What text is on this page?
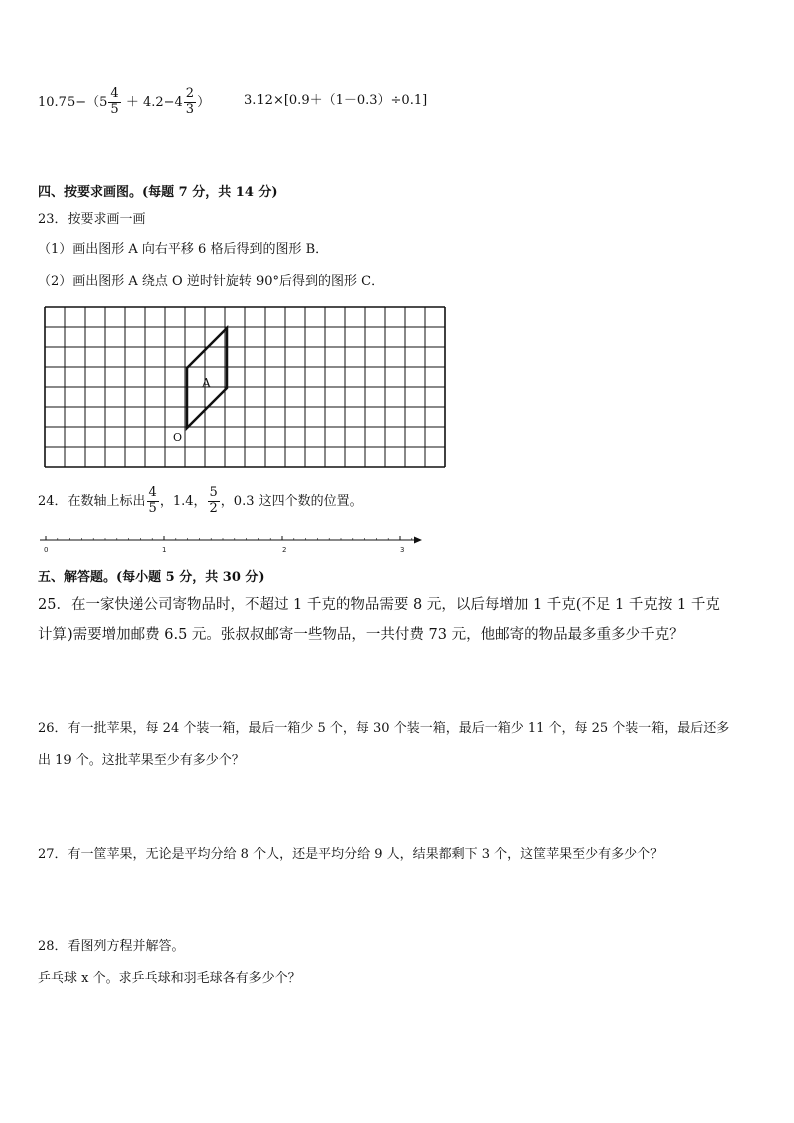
$10.75-(5 \frac{4}{5} + 4.2-4 \frac{2}{3}$ ）	3.12×[0.9＋（1－0.3）÷0.1]
四、按要求画图。(每题 7 分，共 14 分)
23．按要求画一画
（1）画出图形 A 向右平移 6 格后得到的图形 B．
（2）画出图形 A 绕点 O 逆时针旋转 90°后得到的图形 C．
A
O
24．在数轴上标出 $\frac{4}{5}$ ，1.4， $\frac{5}{2}$ ，0.3 这四个数的位置。
0	1	2	3
五、解答题。(每小题 5 分，共 30 分)
25．在一家快递公司寄物品时，不超过 1 千克的物品需要 8 元，以后每增加 1 千克(不足 1 千克按 1 千克
计算)需要增加邮费 6.5 元。张叔叔邮寄一些物品，一共付费 73 元，他邮寄的物品最多重多少千克？
26．有一批苹果，每 24 个装一箱，最后一箱少 5 个，每 30 个装一箱，最后一箱少 11 个，每 25 个装一箱，最后还多
出 19 个。这批苹果至少有多少个？
27．有一筐苹果，无论是平均分给 8 个人，还是平均分给 9 人，结果都剩下 3 个，这筐苹果至少有多少个？
28．看图列方程并解答。
乒乓球 x 个。求乒乓球和羽毛球各有多少个？
